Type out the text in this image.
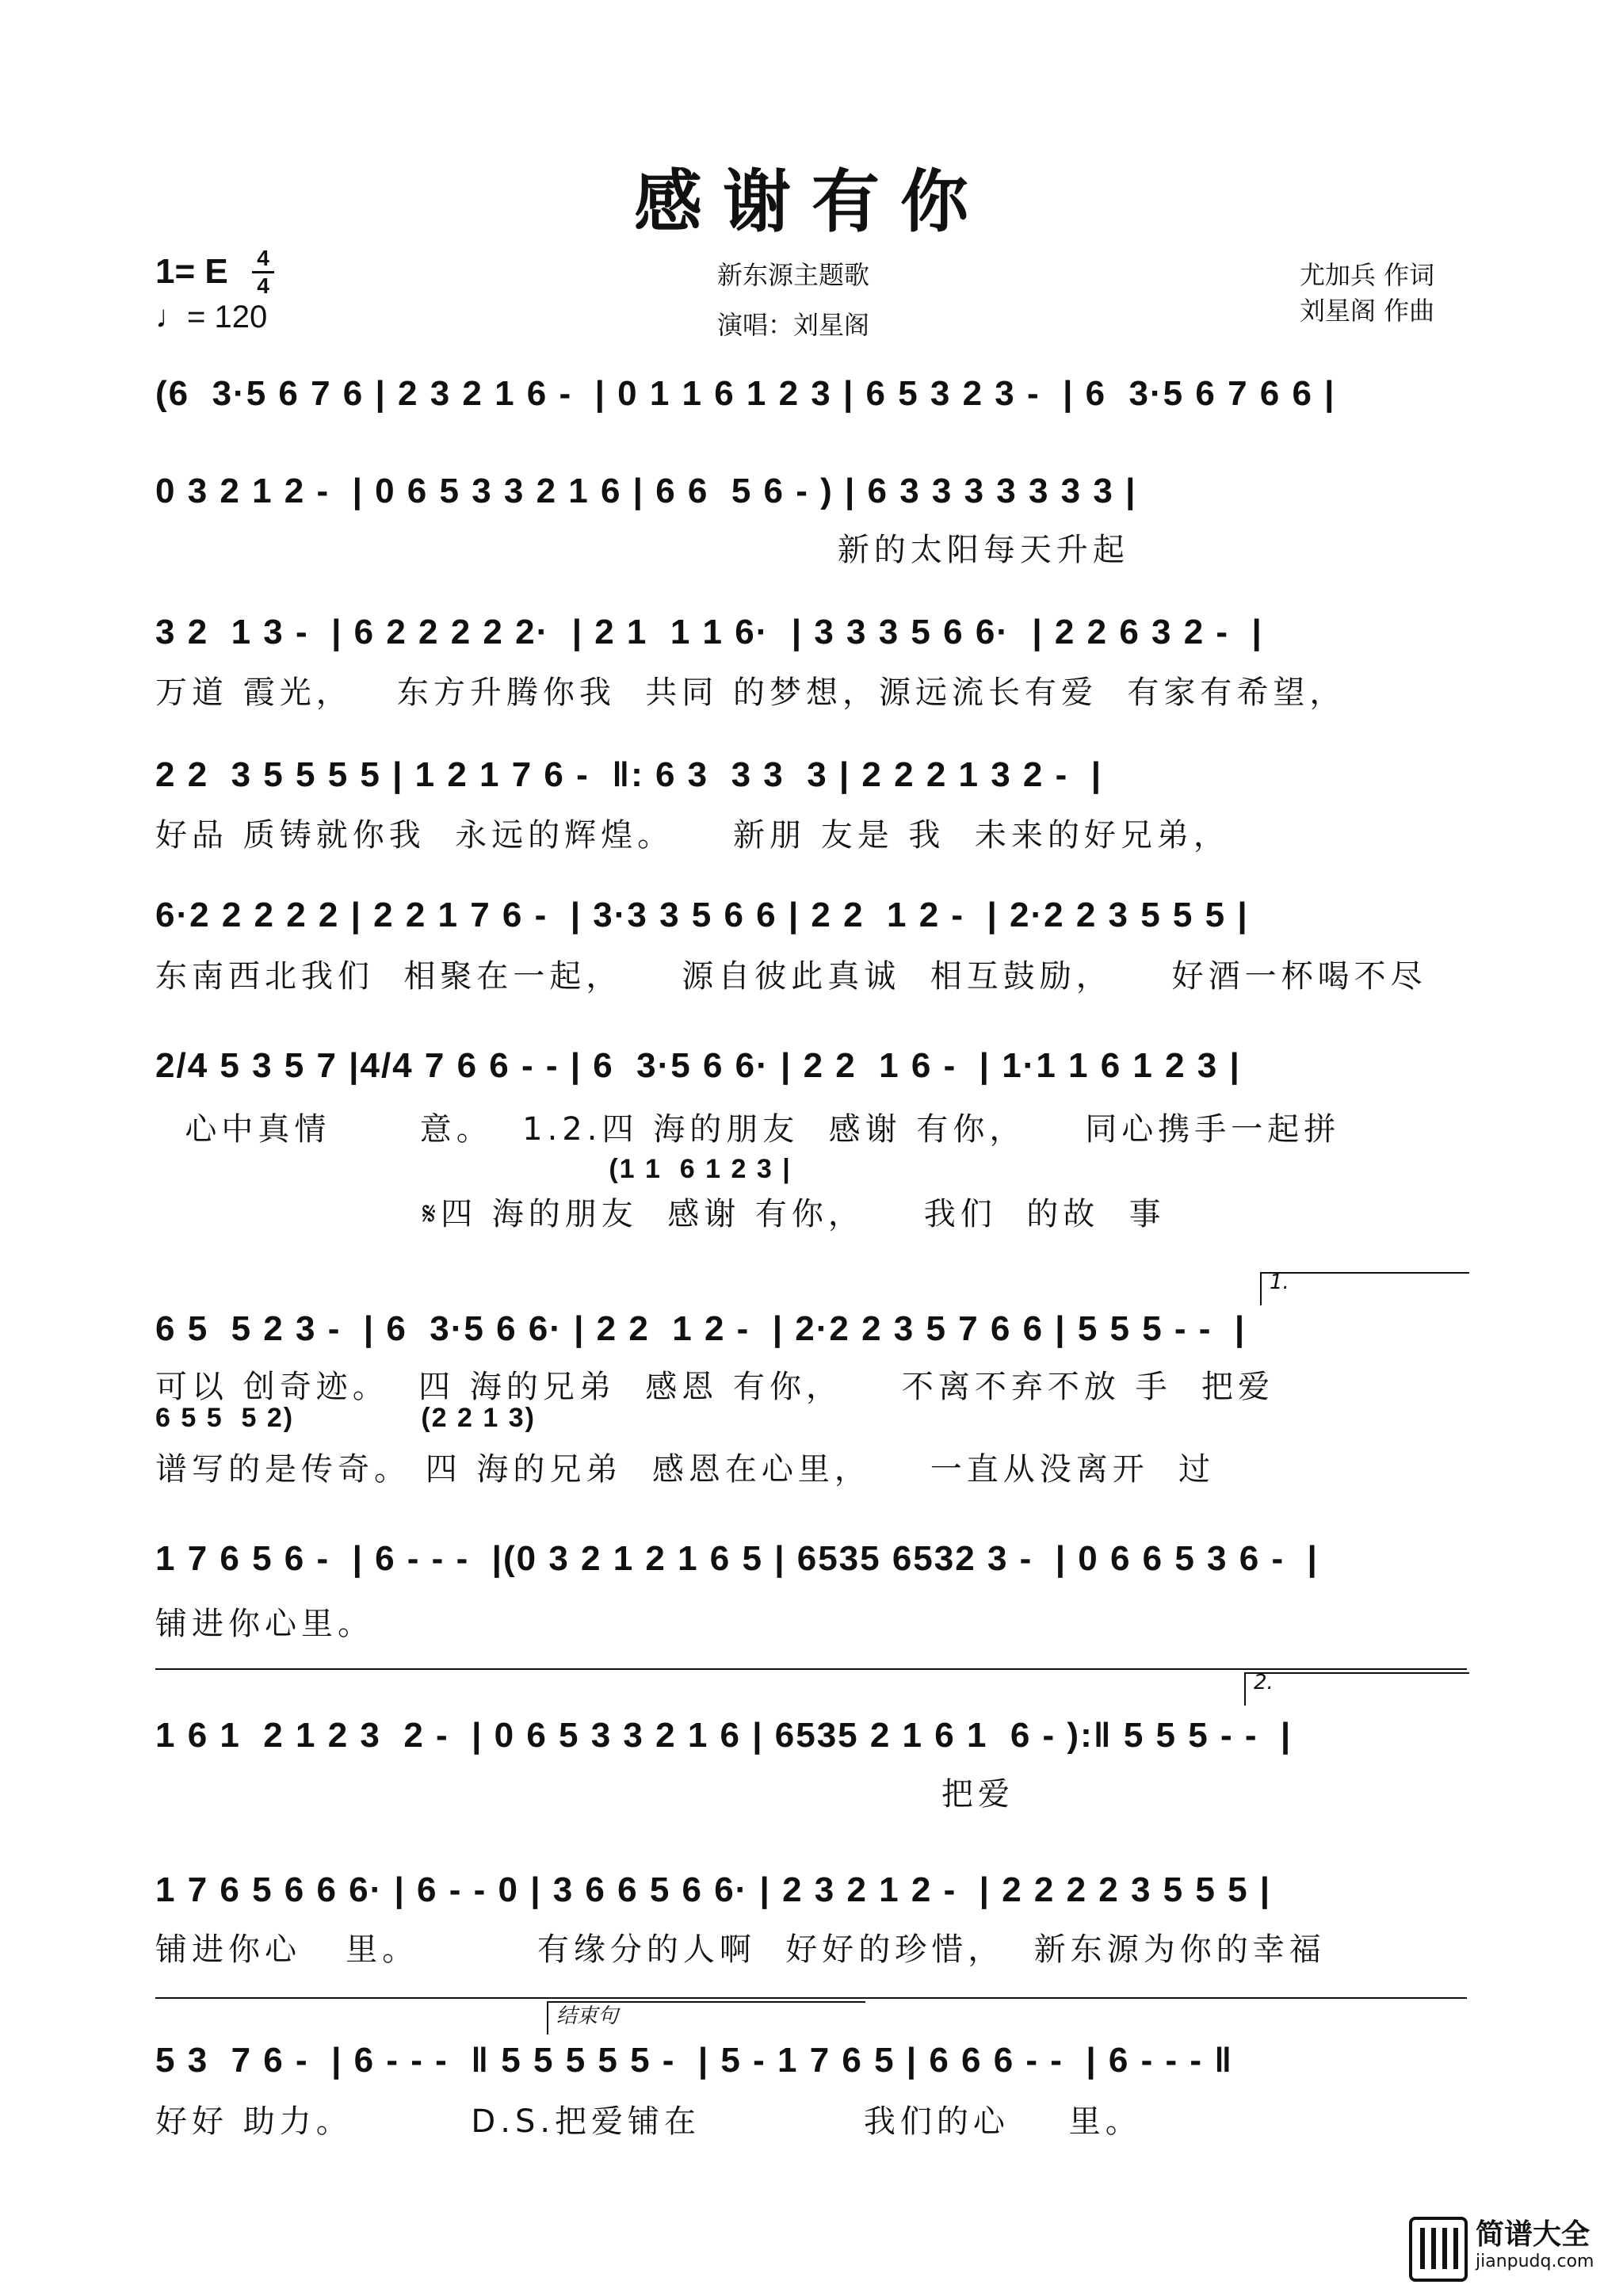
感谢有你
1= E 4
4
♩= 120
新东源主题歌
演唱：刘星阁
尤加兵 作词
刘星阁 作曲
(6  3·5 6 7 6 | 2 3 2 1 6 -  | 0 1 1 6 1 2 3 | 6 5 3 2 3 -  | 6  3·5 6 7 6 6 |
0 3 2 1 2 -  | 0 6 5 3 3 2 1 6 | 6 6  5 6 - ) | 6 3 3 3 3 3 3 3 |
新的太阳每天升起
3 2  1 3 -  | 6 2 2 2 2 2·  | 2 1  1 1 6·  | 3 3 3 5 6 6·  | 2 2 6 3 2 -  |
万道 霞光，   东方升腾你我  共同 的梦想，源远流长有爱  有家有希望，
2 2  3 5 5 5 5 | 1 2 1 7 6 -  ‖: 6 3  3 3  3 | 2 2 2 1 3 2 -  |
好品 质铸就你我  永远的辉煌。    新朋 友是 我  未来的好兄弟，
6·2 2 2 2 2 | 2 2 1 7 6 -  | 3·3 3 5 6 6 | 2 2  1 2 -  | 2·2 2 3 5 5 5 |
东南西北我们  相聚在一起，    源自彼此真诚  相互鼓励，    好酒一杯喝不尽
2/4 5 3 5 7 |4/4 7 6 6 - - | 6  3·5 6 6· | 2 2  1 6 -  | 1·1 1 6 1 2 3 |
心中真情      意。  1.2.四 海的朋友  感谢 有你，    同心携手一起拼
(1 1  6 1 2 3 |
𝄋四 海的朋友  感谢 有你，    我们  的故  事
1.
6 5  5 2 3 -  | 6  3·5 6 6· | 2 2  1 2 -  | 2·2 2 3 5 7 6 6 | 5 5 5 - -  |
可以 创奇迹。  四 海的兄弟  感恩 有你，    不离不弃不放 手  把爱
6 5 5  5 2)              (2 2 1 3)
谱写的是传奇。 四 海的兄弟  感恩在心里，    一直从没离开  过
1 7 6 5 6 -  | 6 - - -  |(0 3 2 1 2 1 6 5 | 6535 6532 3 -  | 0 6 6 5 3 6 -  |
铺进你心里。
2.
1 6 1  2 1 2 3  2 -  | 0 6 5 3 3 2 1 6 | 6535 2 1 6 1  6 - ):‖ 5 5 5 - -  |
把爱
1 7 6 5 6 6 6· | 6 - - 0 | 3 6 6 5 6 6· | 2 3 2 1 2 -  | 2 2 2 2 3 5 5 5 |
铺进你心   里。        有缘分的人啊  好好的珍惜，  新东源为你的幸福
结束句
5 3  7 6 -  | 6 - - -  ‖ 5 5 5 5 5 -  | 5 - 1 7 6 5 | 6 6 6 - -  | 6 - - - ‖
好好 助力。        D.S.把爱铺在           我们的心    里。
简谱大全
jianpudq.com
